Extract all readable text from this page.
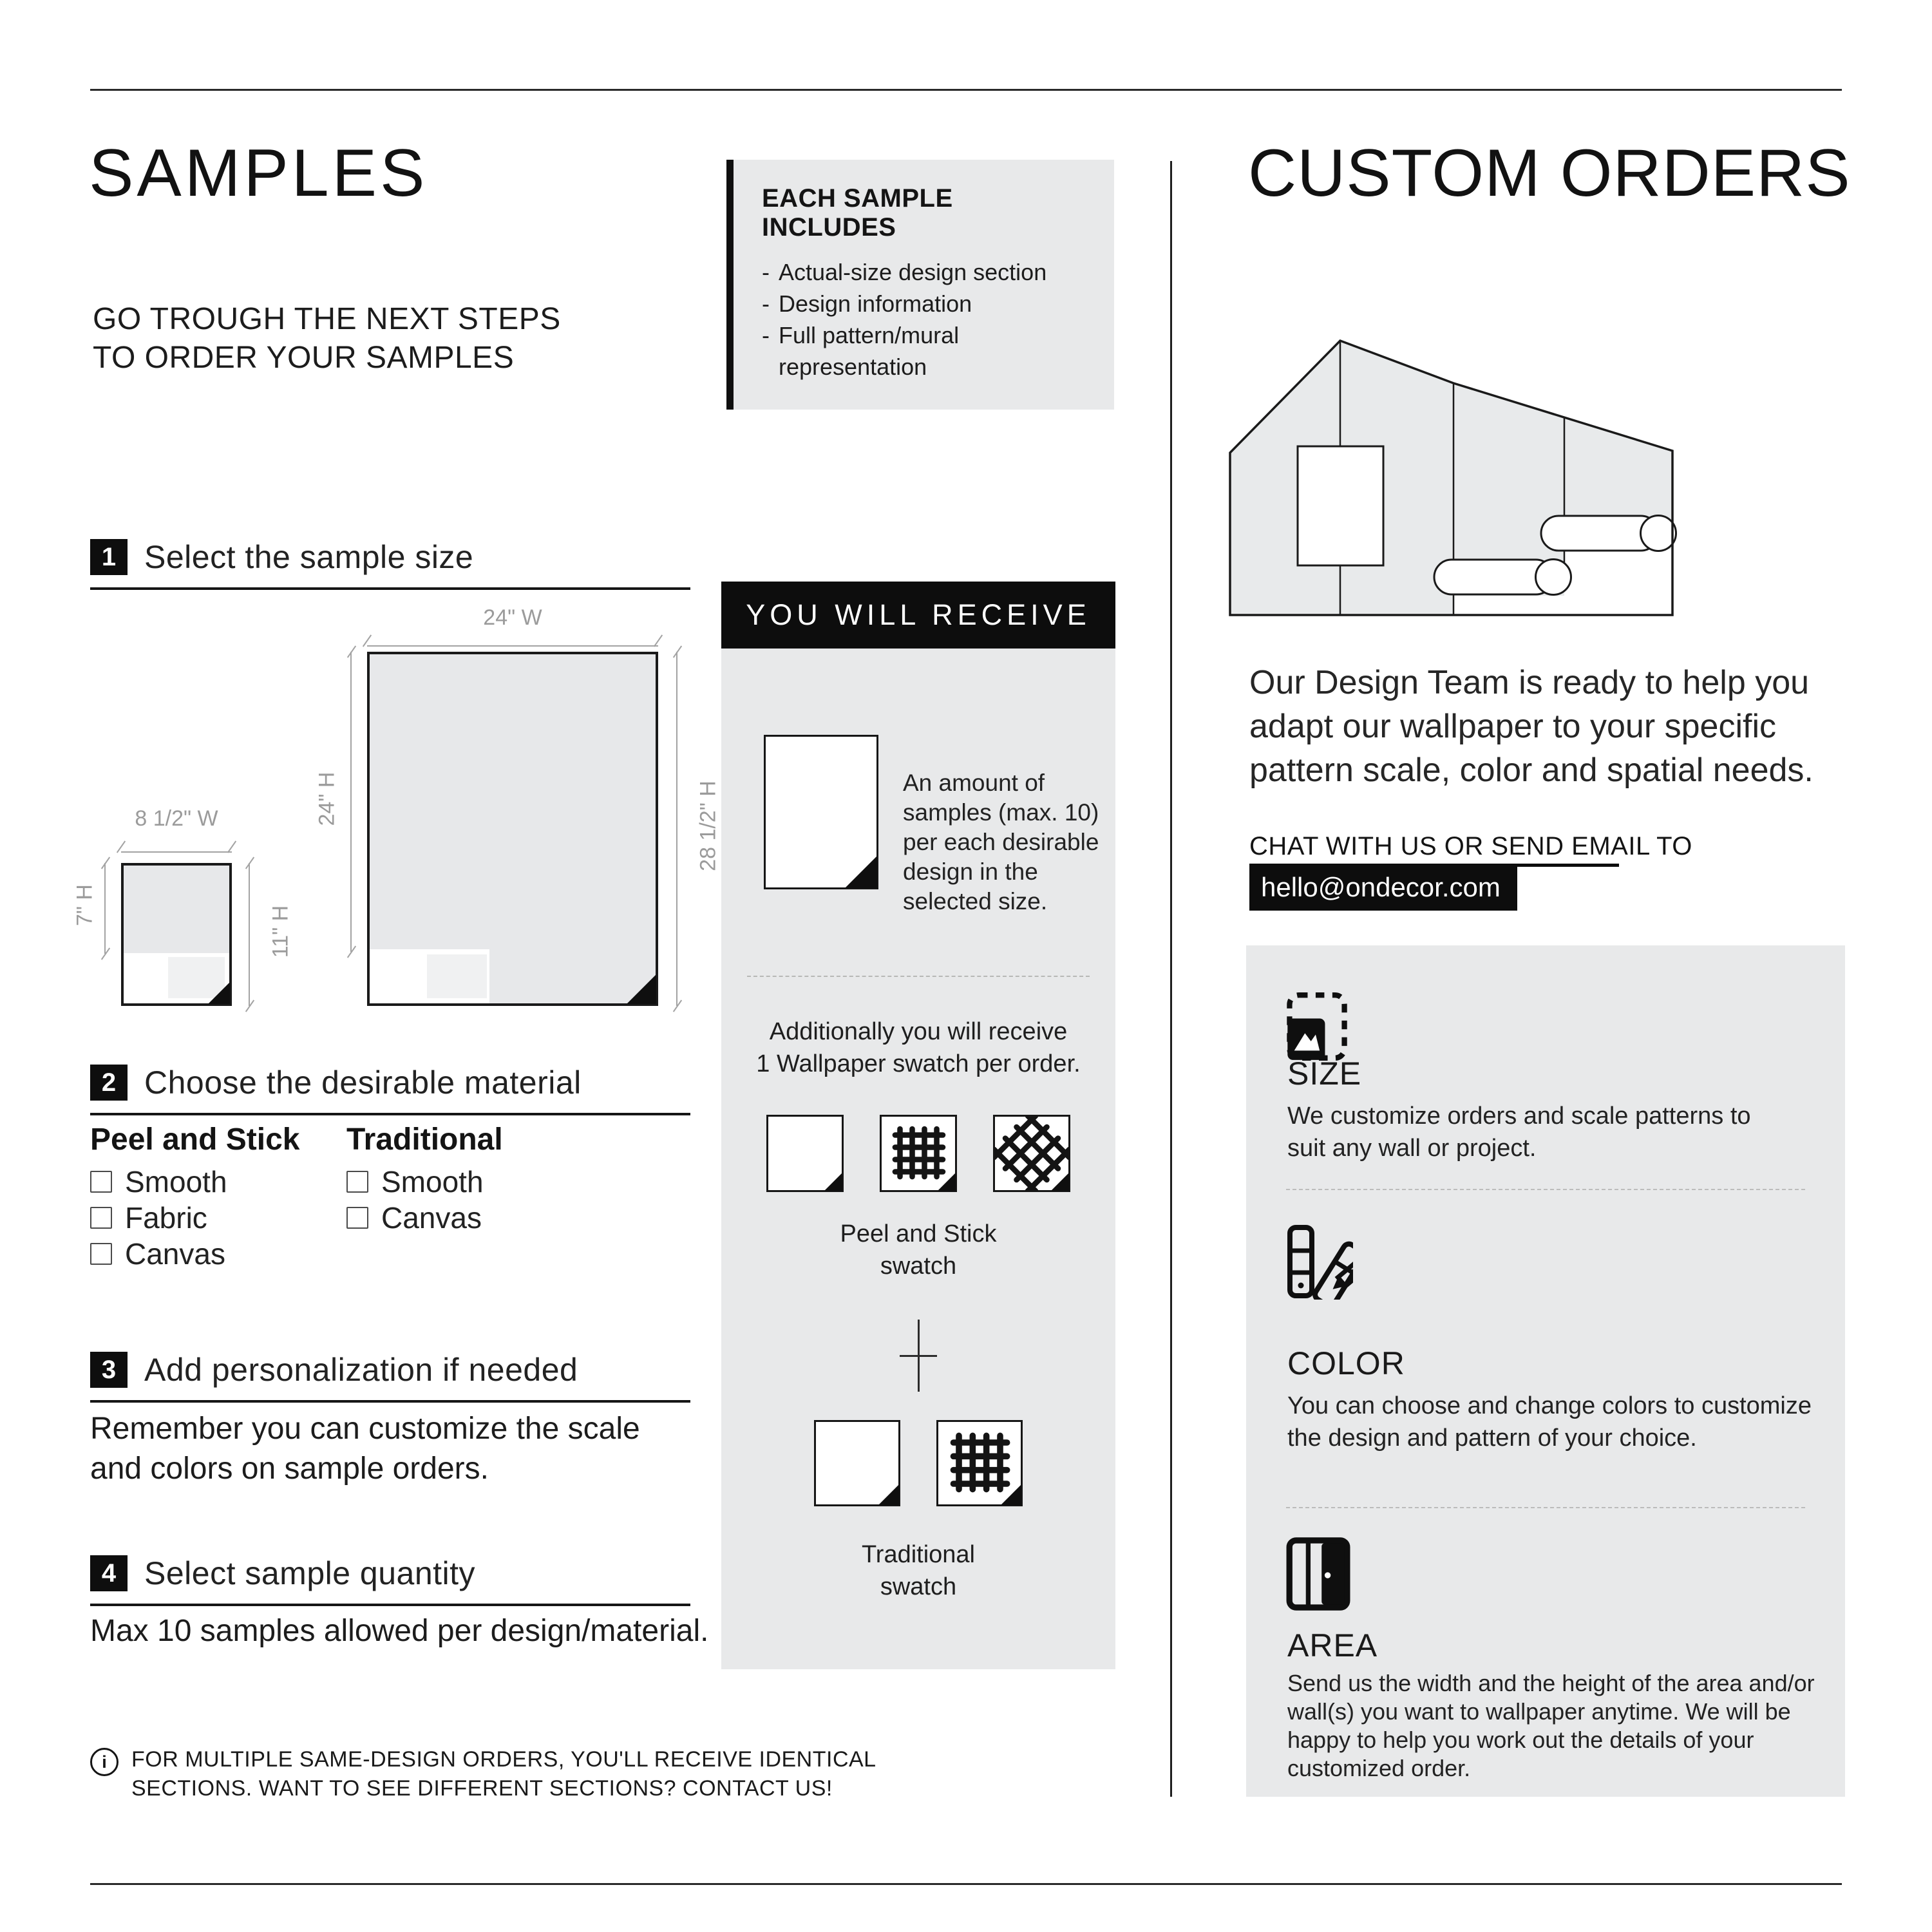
SAMPLES
GO TROUGH THE NEXT STEPS
TO ORDER YOUR SAMPLES
1 Select the sample size
24" W
24" H	28 1/2" H
8 1/2" W
7" H
11" H
2 Choose the desirable material
Peel and Stick
Smooth
Fabric
Canvas
Traditional
Smooth
Canvas
3 Add personalization if needed
Remember you can customize the scale and colors on sample orders.
4 Select sample quantity
Max 10 samples allowed per design/material.
i	FOR MULTIPLE SAME-DESIGN ORDERS, YOU'LL RECEIVE IDENTICAL
SECTIONS. WANT TO SEE DIFFERENT SECTIONS? CONTACT US!
EACH SAMPLE INCLUDES
- Actual-size design section
- Design information
- Full pattern/mural representation
YOU WILL RECEIVE
An amount of samples (max. 10) per each desirable design in the selected size.
Additionally you will receive
1 Wallpaper swatch per order.
Peel and Stick
swatch
Traditional
swatch
CUSTOM ORDERS
Our Design Team is ready to help you adapt our wallpaper to your specific pattern scale, color and spatial needs.
CHAT WITH US OR SEND EMAIL TO
hello@ondecor.com
SIZE
We customize orders and scale patterns to suit any wall or project.
COLOR
You can choose and change colors to customize the design and pattern of your choice.
AREA
Send us the width and the height of the area and/or wall(s) you want to wallpaper anytime. We will be happy to help you work out the details of your customized order.
